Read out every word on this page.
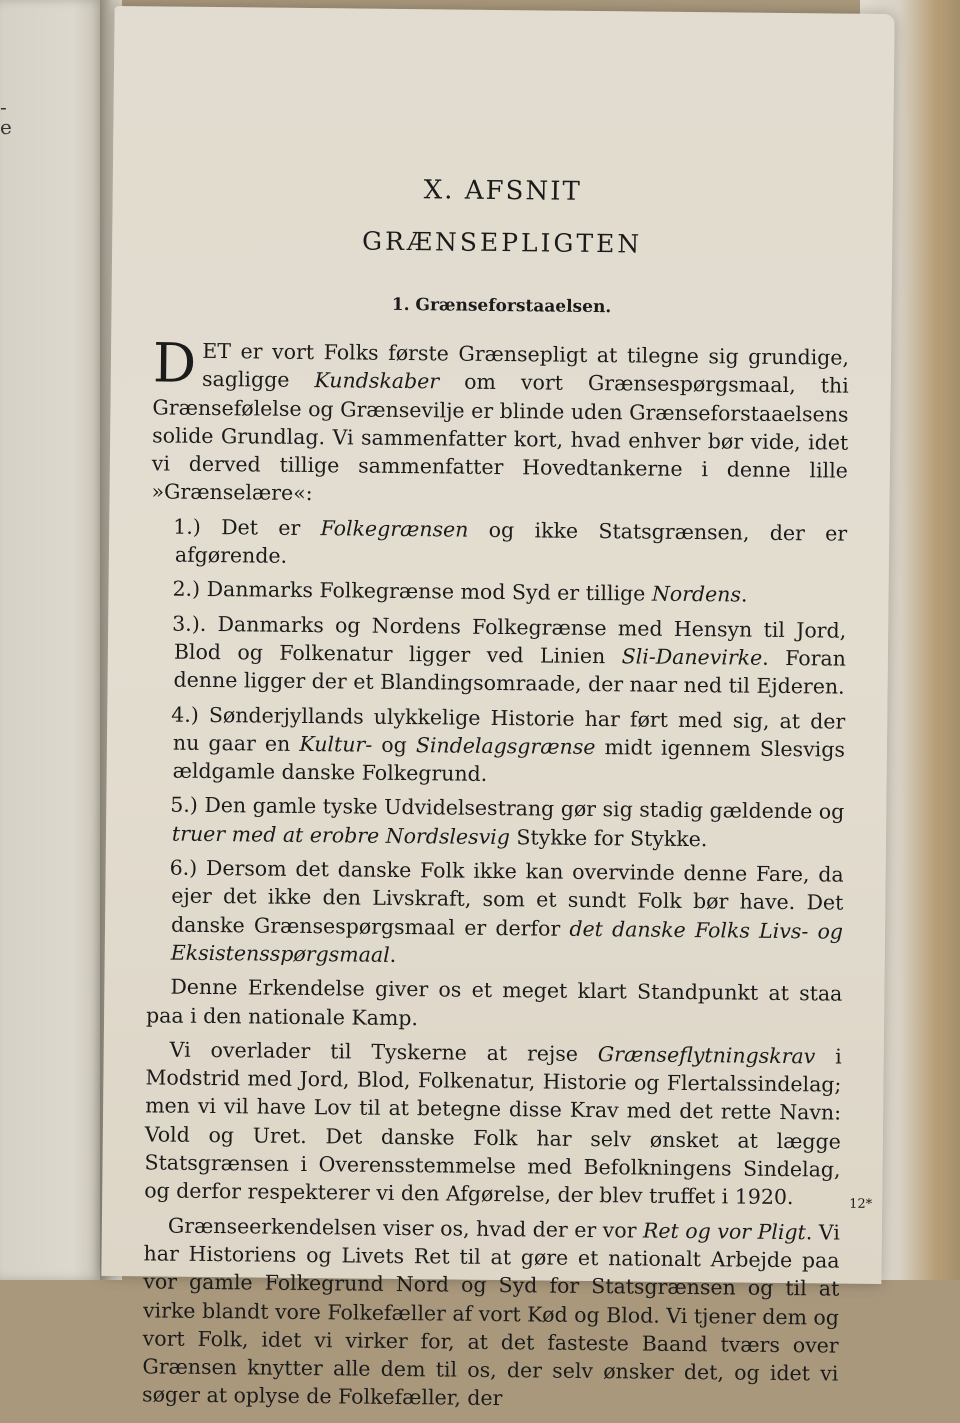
-
e
X. AFSNIT
GRÆNSEPLIGTEN
1. Grænseforstaaelsen.

DET er vort Folks første Grænsepligt at tilegne sig grundige, sagligge Kundskaber om vort Grænsespørgsmaal, thi Grænsefølelse og Grænsevilje er blinde uden Grænseforstaaelsens solide Grundlag. Vi sammenfatter kort, hvad enhver bør vide, idet vi derved tillige sammenfatter Hovedtankerne i denne lille »Grænselære«:

1.) Det er Folkegrænsen og ikke Statsgrænsen, der er afgørende.

2.) Danmarks Folkegrænse mod Syd er tillige Nordens.

3.). Danmarks og Nordens Folkegrænse med Hensyn til Jord, Blod og Folkenatur ligger ved Linien Sli-Danevirke. Foran denne ligger der et Blandingsomraade, der naar ned til Ejderen.

4.) Sønderjyllands ulykkelige Historie har ført med sig, at der nu gaar en Kultur- og Sindelagsgrænse midt igennem Slesvigs ældgamle danske Folkegrund.

5.) Den gamle tyske Udvidelsestrang gør sig stadig gældende og truer med at erobre Nordslesvig Stykke for Stykke.

6.) Dersom det danske Folk ikke kan overvinde denne Fare, da ejer det ikke den Livskraft, som et sundt Folk bør have. Det danske Grænsespørgsmaal er derfor det danske Folks Livs- og Eksistensspørgsmaal.

Denne Erkendelse giver os et meget klart Standpunkt at staa paa i den nationale Kamp.

Vi overlader til Tyskerne at rejse Grænseflytningskrav i Modstrid med Jord, Blod, Folkenatur, Historie og Flertalssindelag; men vi vil have Lov til at betegne disse Krav med det rette Navn: Vold og Uret. Det danske Folk har selv ønsket at lægge Statsgrænsen i Overensstemmelse med Befolkningens Sindelag, og derfor respekterer vi den Afgørelse, der blev truffet i 1920.

Grænseerkendelsen viser os, hvad der er vor Ret og vor Pligt. Vi har Historiens og Livets Ret til at gøre et nationalt Arbejde paa vor gamle Folkegrund Nord og Syd for Statsgrænsen og til at virke blandt vore Folkefæller af vort Kød og Blod. Vi tjener dem og vort Folk, idet vi virker for, at det fasteste Baand tværs over Grænsen knytter alle dem til os, der selv ønsker det, og idet vi søger at oplyse de Folkefæller, der

12*
